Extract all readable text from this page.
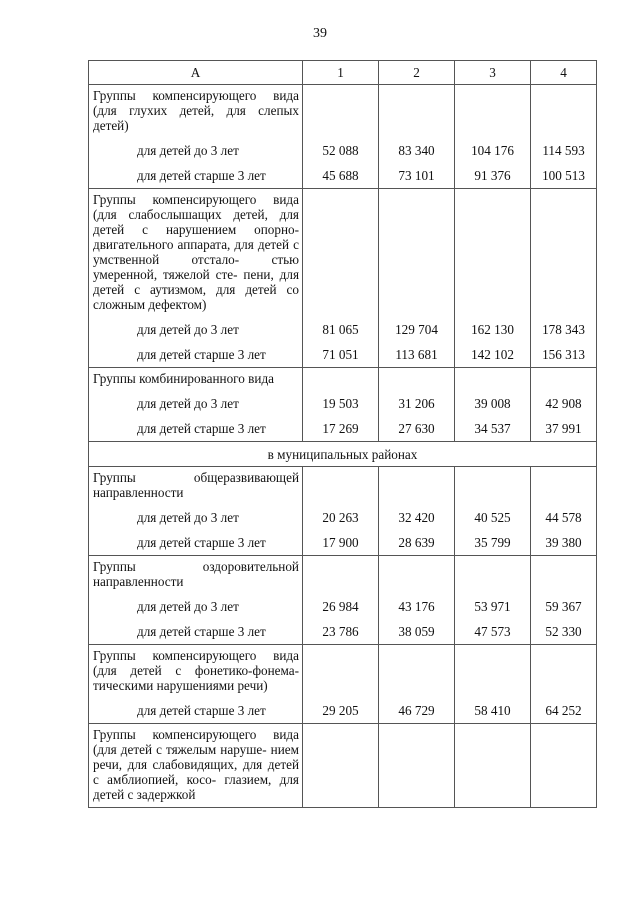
39
А	1	2	3	4
Группы компенсирующего вида (для глухих детей, для слепых детей)				
для детей до 3 лет	52 088	83 340	104 176	114 593
для детей старше 3 лет	45 688	73 101	91 376	100 513
Группы компенсирующего вида (для слабослышащих детей, для детей с нарушением опорно- двигательного аппарата, для детей с умственной отстало- стью умеренной, тяжелой сте- пени, для детей с аутизмом, для детей со сложным дефектом)				
для детей до 3 лет	81 065	129 704	162 130	178 343
для детей старше 3 лет	71 051	113 681	142 102	156 313
Группы комбинированного вида				
для детей до 3 лет	19 503	31 206	39 008	42 908
для детей старше 3 лет	17 269	27 630	34 537	37 991
в муниципальных районах				
Группы общеразвивающей направленности				
для детей до 3 лет	20 263	32 420	40 525	44 578
для детей старше 3 лет	17 900	28 639	35 799	39 380
Группы оздоровительной направленности				
для детей до 3 лет	26 984	43 176	53 971	59 367
для детей старше 3 лет	23 786	38 059	47 573	52 330
Группы компенсирующего вида (для детей с фонетико-фонема- тическими нарушениями речи)				
для детей старше 3 лет	29 205	46 729	58 410	64 252
Группы компенсирующего вида (для детей с тяжелым наруше- нием речи, для слабовидящих, для детей с амблиопией, косо- глазием, для детей с задержкой				
